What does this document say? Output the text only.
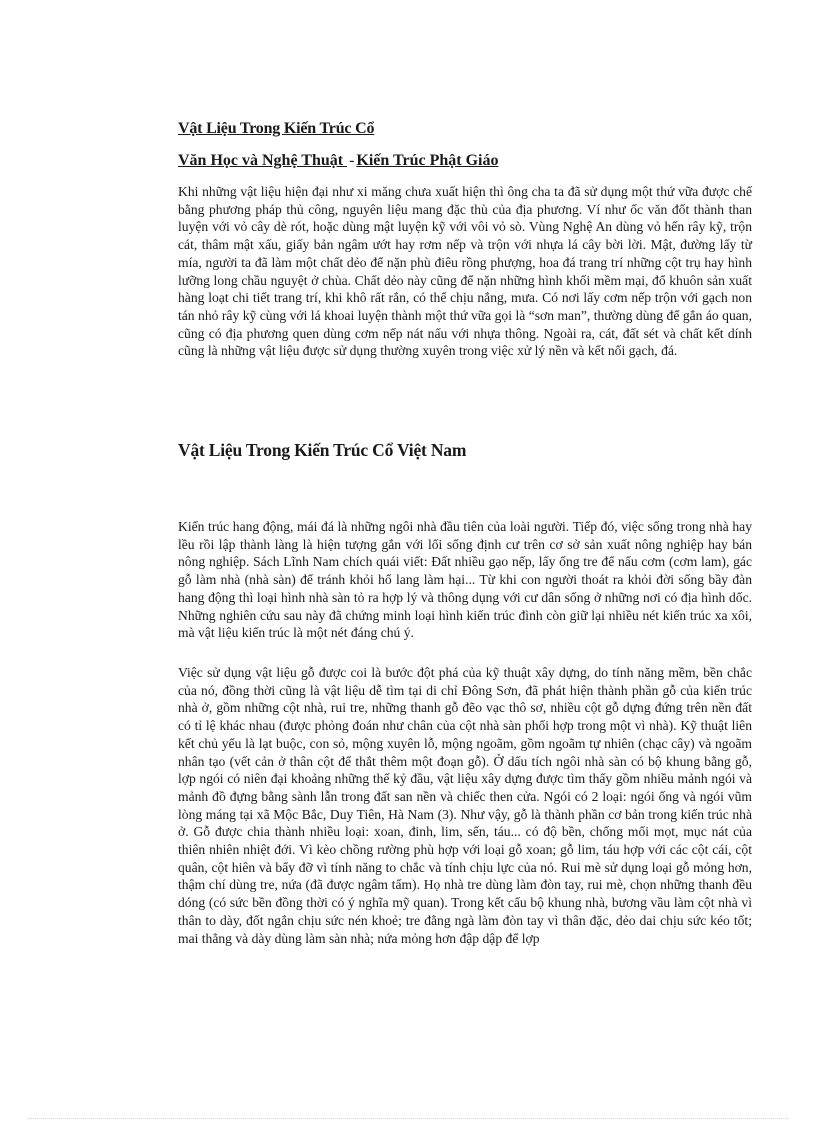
Vật Liệu Trong Kiến Trúc Cổ
Văn Học và Nghệ Thuật - Kiến Trúc Phật Giáo

Khi những vật liệu hiện đại như xi măng chưa xuất hiện thì ông cha ta đã sử dụng một thứ vữa được chế bằng phương pháp thủ công, nguyên liệu mang đặc thù của địa phương. Ví như ốc văn đốt thành than luyện với vỏ cây dè rót, hoặc dùng mật luyện kỹ với vôi vỏ sò. Vùng Nghệ An dùng vỏ hến rây kỹ, trộn cát, thâm mật xấu, giấy bản ngâm ướt hay rơm nếp và trộn với nhựa lá cây bời lời. Mật, đường lấy từ mía, người ta đã làm một chất dẻo để nặn phù điêu rồng phượng, hoa đá trang trí những cột trụ hay hình lưỡng long chầu nguyệt ở chùa. Chất dẻo này cũng để nặn những hình khối mềm mại, đổ khuôn sản xuất hàng loạt chi tiết trang trí, khi khô rất rắn, có thể chịu nắng, mưa. Có nơi lấy cơm nếp trộn với gạch non tán nhỏ rây kỹ cùng với lá khoai luyện thành một thứ vữa gọi là “sơn man”, thường dùng để gắn áo quan, cũng có địa phương quen dùng cơm nếp nát nấu với nhựa thông. Ngoài ra, cát, đất sét và chất kết dính cũng là những vật liệu được sử dụng thường xuyên trong việc xử lý nền và kết nối gạch, đá.

Vật Liệu Trong Kiến Trúc Cổ Việt Nam

Kiến trúc hang động, mái đá là những ngôi nhà đầu tiên của loài người. Tiếp đó, việc sống trong nhà hay lều rồi lập thành làng là hiện tượng gắn với lối sống định cư trên cơ sở sản xuất nông nghiệp hay bán nông nghiệp. Sách Lĩnh Nam chích quái viết: Đất nhiều gạo nếp, lấy ống tre để nấu cơm (cơm lam), gác gỗ làm nhà (nhà sàn) để tránh khỏi hổ lang làm hại... Từ khi con người thoát ra khỏi đời sống bầy đàn hang động thì loại hình nhà sàn tỏ ra hợp lý và thông dụng với cư dân sống ở những nơi có địa hình dốc. Những nghiên cứu sau này đã chứng minh loại hình kiến trúc đình còn giữ lại nhiều nét kiến trúc xa xôi, mà vật liệu kiến trúc là một nét đáng chú ý.

Việc sử dụng vật liệu gỗ được coi là bước đột phá của kỹ thuật xây dựng, do tính năng mềm, bền chắc của nó, đồng thời cũng là vật liệu dễ tìm tại di chỉ Đông Sơn, đã phát hiện thành phần gỗ của kiến trúc nhà ở, gồm những cột nhà, rui tre, những thanh gỗ đẽo vạc thô sơ, nhiều cột gỗ dựng đứng trên nền đất có tỉ lệ khác nhau (được phỏng đoán như chân của cột nhà sàn phối hợp trong một vì nhà). Kỹ thuật liên kết chủ yếu là lạt buộc, con sỏ, mộng xuyên lỗ, mộng ngoãm, gồm ngoãm tự nhiên (chạc cây) và ngoãm nhân tạo (vết cản ở thân cột để thắt thêm một đoạn gỗ). Ở dấu tích ngôi nhà sàn có bộ khung bằng gỗ, lợp ngói có niên đại khoảng những thế kỷ đầu, vật liệu xây dựng được tìm thấy gồm nhiều mảnh ngói và mảnh đồ đựng bằng sành lẫn trong đất san nền và chiếc then cửa. Ngói có 2 loại: ngói ống và ngói vũm lòng máng tại xã Mộc Bắc, Duy Tiên, Hà Nam (3). Như vậy, gỗ là thành phần cơ bản trong kiến trúc nhà ở. Gỗ được chia thành nhiều loại: xoan, đinh, lim, sến, táu... có độ bền, chống mối mọt, mục nát của thiên nhiên nhiệt đới. Vì kèo chồng rường phù hợp với loại gỗ xoan; gỗ lim, táu hợp với các cột cái, cột quân, cột hiên và bẩy đỡ vì tính năng to chắc và tính chịu lực của nó. Rui mè sử dụng loại gỗ mỏng hơn, thậm chí dùng tre, nứa (đã được ngâm tẩm). Họ nhà tre dùng làm đòn tay, rui mè, chọn những thanh đều dóng (có sức bền đồng thời có ý nghĩa mỹ quan). Trong kết cấu bộ khung nhà, bương vầu làm cột nhà vì thân to dày, đốt ngắn chịu sức nén khoẻ; tre đằng ngà làm đòn tay vì thân đặc, dẻo dai chịu sức kéo tốt; mai thẳng và dày dùng làm sàn nhà; nứa mỏng hơn đập dập để lợp
